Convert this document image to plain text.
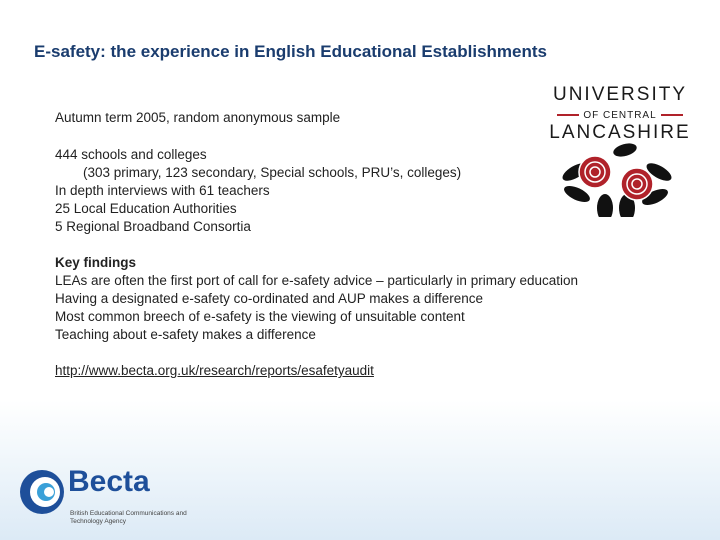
E-safety: the experience in English Educational Establishments
Autumn term 2005, random anonymous sample
444 schools and colleges
(303 primary, 123 secondary, Special schools, PRU’s, colleges)
In depth interviews with 61 teachers
25 Local Education Authorities
5 Regional Broadband Consortia
Key findings
LEAs are often the first port of call for e-safety advice – particularly in primary education
Having a designated e-safety co-ordinated and AUP makes a difference
Most common breech of e-safety is the viewing of unsuitable content
Teaching about e-safety makes a difference
http://www.becta.org.uk/research/reports/esafetyaudit
UNIVERSITY
OF CENTRAL
LANCASHIRE
Becta
British Educational Communications and Technology Agency
